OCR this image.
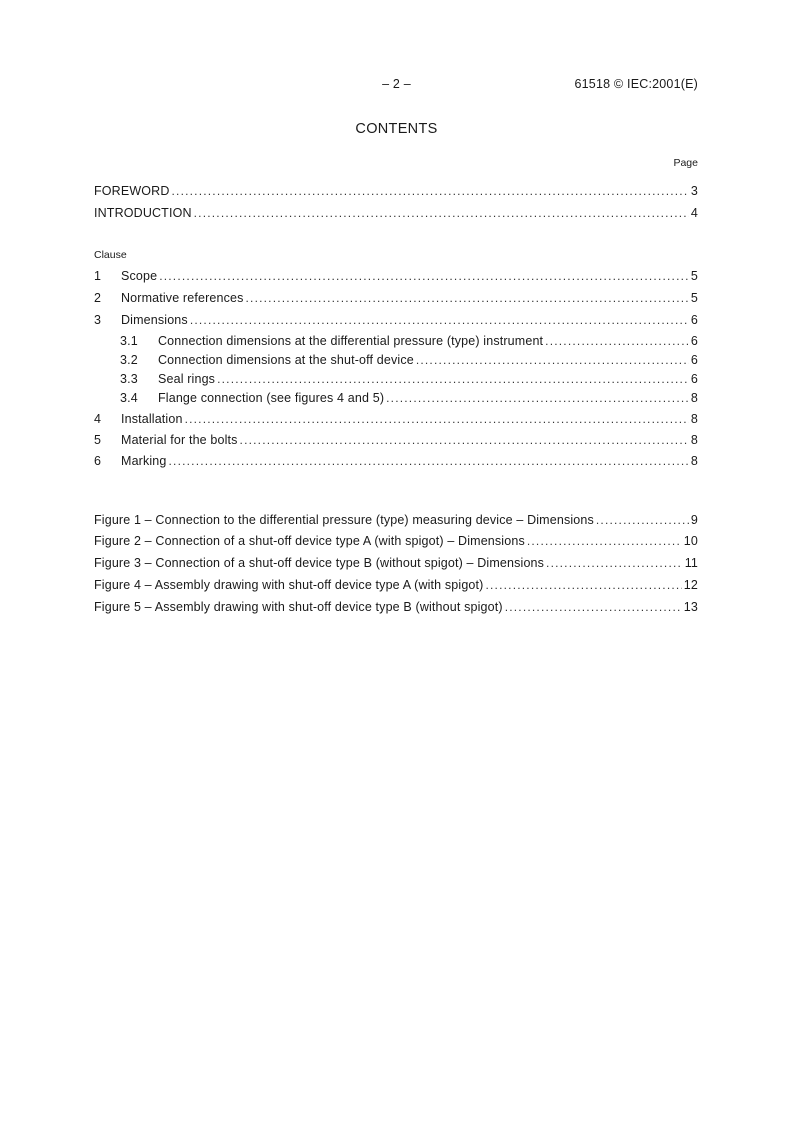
– 2 –	61518 © IEC:2001(E)
CONTENTS
Page
FOREWORD .....	3
INTRODUCTION .....	4
Clause
1	Scope .....	5
2	Normative references .....	5
3	Dimensions .....	6
3.1	Connection dimensions at the differential pressure (type) instrument .....	6
3.2	Connection dimensions at the shut-off device .....	6
3.3	Seal rings .....	6
3.4	Flange connection (see figures 4 and 5) .....	8
4	Installation .....	8
5	Material for the bolts .....	8
6	Marking .....	8
Figure 1 – Connection to the differential pressure (type) measuring device – Dimensions .....	9
Figure 2 – Connection of a shut-off device type A (with spigot) – Dimensions .....	10
Figure 3 – Connection of a shut-off device type B (without spigot) – Dimensions .....	11
Figure 4 – Assembly drawing with shut-off device type A (with spigot) .....	12
Figure 5 – Assembly drawing with shut-off device type B (without spigot) .....	13
